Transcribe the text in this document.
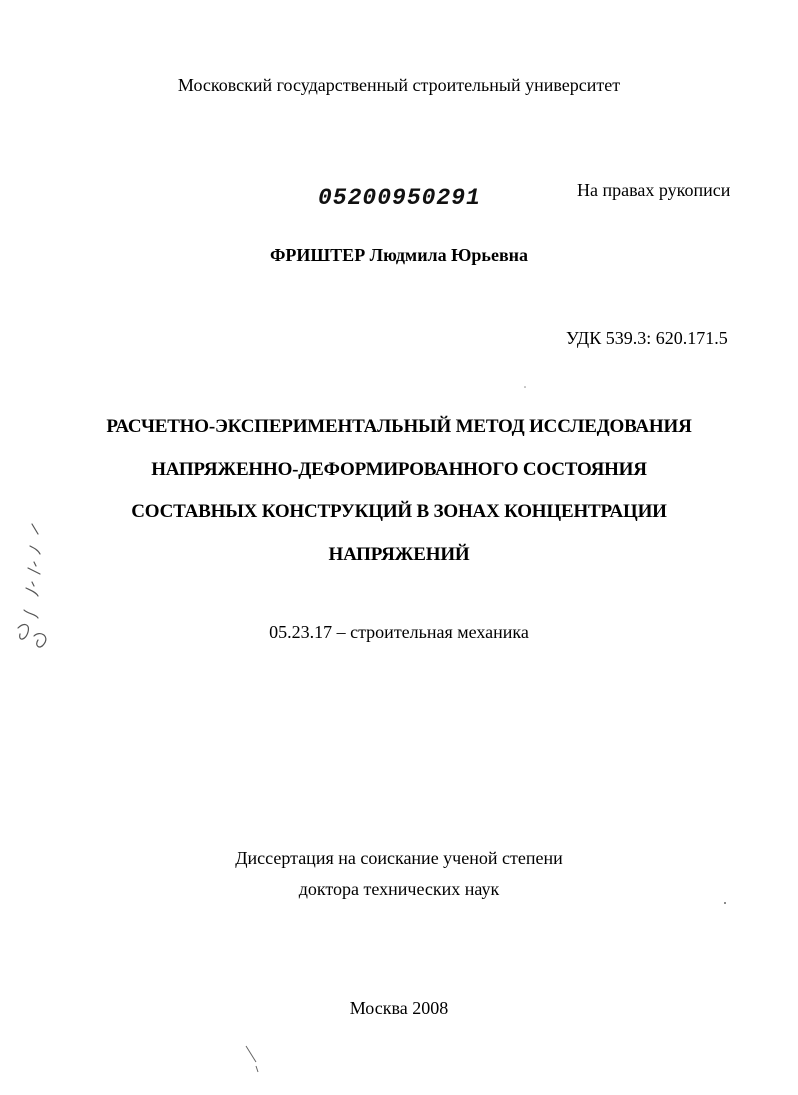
Московский государственный строительный университет
05200950291	На правах рукописи
ФРИШТЕР Людмила Юрьевна
УДК 539.3: 620.171.5
РАСЧЕТНО-ЭКСПЕРИМЕНТАЛЬНЫЙ МЕТОД ИССЛЕДОВАНИЯ
НАПРЯЖЕННО-ДЕФОРМИРОВАННОГО СОСТОЯНИЯ
СОСТАВНЫХ КОНСТРУКЦИЙ В ЗОНАХ КОНЦЕНТРАЦИИ
НАПРЯЖЕНИЙ
05.23.17 – строительная механика
Диссертация на соискание ученой степени
доктора технических наук
Москва 2008
